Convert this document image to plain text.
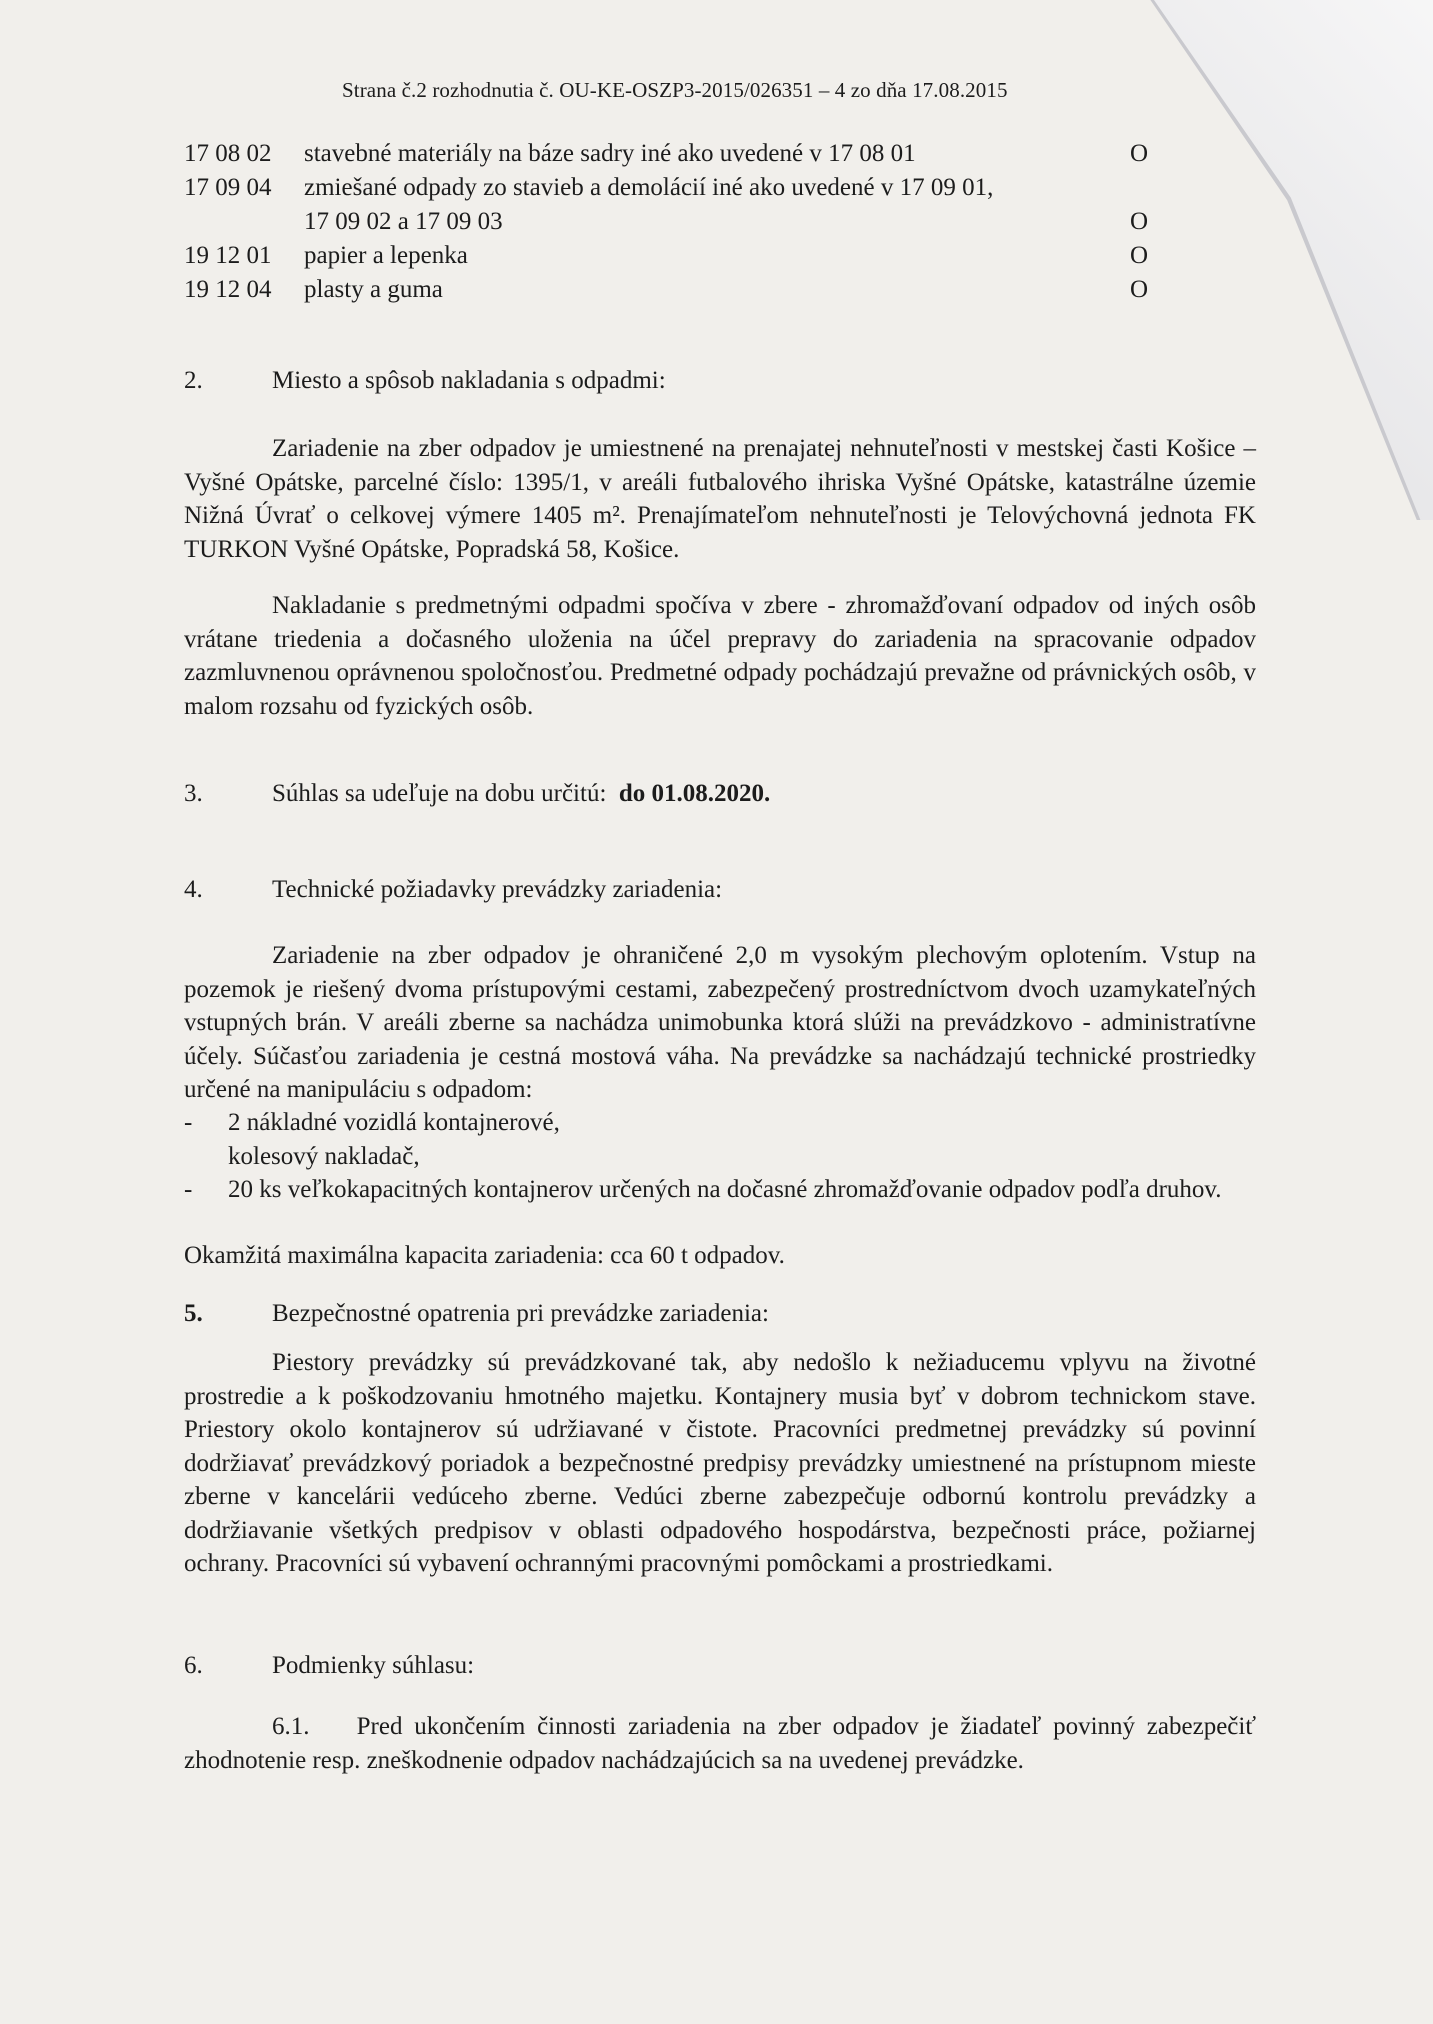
Strana č.2 rozhodnutia č. OU-KE-OSZP3-2015/026351 – 4 zo dňa 17.08.2015
17 08 02 stavebné materiály na báze sadry iné ako uvedené v 17 08 01	O
17 09 04 zmiešané odpady zo stavieb a demolácií iné ako uvedené v 17 09 01,
17 09 02 a 17 09 03	O
19 12 01 papier a lepenka	O
19 12 04 plasty a guma	O
2.	Miesto a spôsob nakladania s odpadmi:
Zariadenie na zber odpadov je umiestnené na prenajatej nehnuteľnosti v mestskej časti Košice – Vyšné Opátske, parcelné číslo: 1395/1, v areáli futbalového ihriska Vyšné Opátske, katastrálne územie Nižná Úvrať o celkovej výmere 1405 m². Prenajímateľom nehnuteľnosti je Telovýchovná jednota FK TURKON Vyšné Opátske, Popradská 58, Košice.
Nakladanie s predmetnými odpadmi spočíva v zbere - zhromažďovaní odpadov od iných osôb vrátane triedenia a dočasného uloženia na účel prepravy do zariadenia na spracovanie odpadov zazmluvnenou oprávnenou spoločnosťou. Predmetné odpady pochádzajú prevažne od právnických osôb, v malom rozsahu od fyzických osôb.
3.	Súhlas sa udeľuje na dobu určitú: do 01.08.2020.
4.	Technické požiadavky prevádzky zariadenia:
Zariadenie na zber odpadov je ohraničené 2,0 m vysokým plechovým oplotením. Vstup na pozemok je riešený dvoma prístupovými cestami, zabezpečený prostredníctvom dvoch uzamykateľných vstupných brán. V areáli zberne sa nachádza unimobunka ktorá slúži na prevádzkovo - administratívne účely. Súčasťou zariadenia je cestná mostová váha. Na prevádzke sa nachádzajú technické prostriedky určené na manipuláciu s odpadom:
- 2 nákladné vozidlá kontajnerové,
kolesový nakladač,
- 20 ks veľkokapacitných kontajnerov určených na dočasné zhromažďovanie odpadov podľa druhov.
Okamžitá maximálna kapacita zariadenia: cca 60 t odpadov.
5.	Bezpečnostné opatrenia pri prevádzke zariadenia:
Piestory prevádzky sú prevádzkované tak, aby nedošlo k nežiaducemu vplyvu na životné prostredie a k poškodzovaniu hmotného majetku. Kontajnery musia byť v dobrom technickom stave. Priestory okolo kontajnerov sú udržiavané v čistote. Pracovníci predmetnej prevádzky sú povinní dodržiavať prevádzkový poriadok a bezpečnostné predpisy prevádzky umiestnené na prístupnom mieste zberne v kancelárii vedúceho zberne. Vedúci zberne zabezpečuje odbornú kontrolu prevádzky a dodržiavanie všetkých predpisov v oblasti odpadového hospodárstva, bezpečnosti práce, požiarnej ochrany. Pracovníci sú vybavení ochrannými pracovnými pomôckami a prostriedkami.
6.	Podmienky súhlasu:
6.1. Pred ukončením činnosti zariadenia na zber odpadov je žiadateľ povinný zabezpečiť zhodnotenie resp. zneškodnenie odpadov nachádzajúcich sa na uvedenej prevádzke.
